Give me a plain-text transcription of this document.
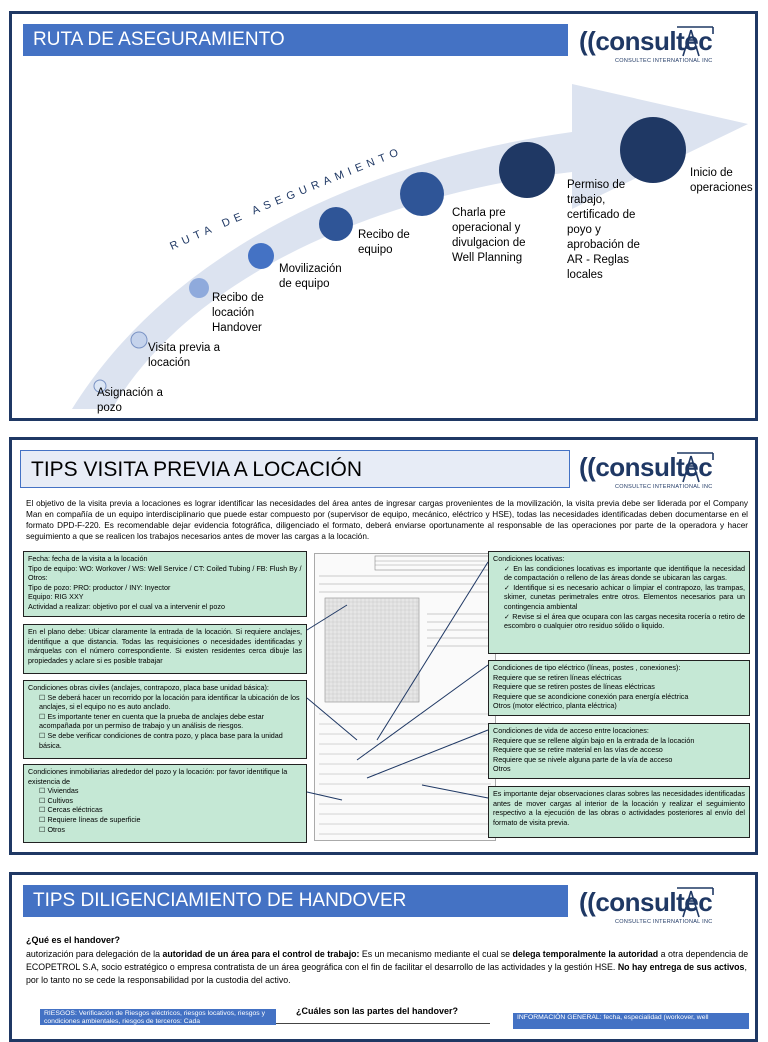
RUTA DE ASEGURAMIENTO	((consultec
CONSULTEC INTERNATIONAL INC
RUTA DE ASEGURAMIENTO
Asignación a
pozo
Visita previa a
locación
Recibo de
locación
Handover
Movilización
de equipo
Recibo de
equipo
Charla pre
operacional y
divulgacion de
Well Planning
Permiso de
trabajo,
certificado de
poyo y
aprobación de
AR - Reglas
locales
Inicio de
operaciones
TIPS VISITA PREVIA A LOCACIÓN	((consultec
CONSULTEC INTERNATIONAL INC
El objetivo de la visita previa a locaciones es lograr identificar las necesidades del área antes de ingresar cargas provenientes de la movilización, la visita previa debe ser liderada por el Company Man en compañía de un equipo interdisciplinario que puede estar compuesto por (supervisor de equipo, mecánico, eléctrico y HSE), todas las necesidades identificadas deben documentarse en el formato DPD-F-220. Es recomendable dejar evidencia fotográfica, diligenciado el formato, deberá enviarse oportunamente al responsable de las operaciones por parte de la operadora y hacer seguimiento a que se realicen los trabajos necesarios antes de mover las cargas a la locación.
Fecha: fecha de la visita a la locación
Tipo de equipo: WO: Workover / WS: Well Service / CT: Coiled Tubing / FB: Flush By / Otros:
Tipo de pozo: PRO: productor / INY: Inyector
Equipo: RIG XXY
Actividad a realizar: objetivo por el cual va a intervenir el pozo
En el plano debe: Ubicar claramente la entrada de la locación. Si requiere anclajes, identifique a que distancia. Todas las requisiciones o necesidades identificadas y márquelas con el número correspondiente. Si existen residentes cerca dibuje las propiedades y aclare si es posible trabajar
Condiciones obras civiles (anclajes, contrapozo, placa base unidad básica):
☐ Se deberá hacer un recorrido por la locación para identificar la ubicación de los anclajes, si el equipo no es auto anclado.
☐ Es importante tener en cuenta que la prueba de anclajes debe estar acompañada por un permiso de trabajo y un análisis de riesgos.
☐ Se debe verificar condiciones de contra pozo, y placa base para la unidad básica.
Condiciones inmobiliarias alrededor del pozo y la locación: por favor identifique la existencia de
☐ Viviendas
☐ Cultivos
☐ Cercas eléctricas
☐ Requiere líneas de superficie
☐ Otros
Condiciones locativas:
✓ En las condiciones locativas es importante que identifique la necesidad de compactación o relleno de las áreas donde se ubicaran las cargas.
✓ Identifique si es necesario achicar o limpiar el contrapozo, las trampas, skimer, cunetas perimetrales entre otros. Elementos necesarios para un contingencia ambiental
✓ Revise si el área que ocupara con las cargas necesita rocería o retiro de escombro o cualquier otro residuo sólido o liquido.
Condiciones de tipo eléctrico (líneas, postes , conexiones):
Requiere que se retiren líneas eléctricas
Requiere que se retiren postes de líneas eléctricas
Requiere que se acondicione conexión para energía eléctrica
Otros (motor eléctrico, planta eléctrica)
Condiciones de vida de acceso entre locaciones:
Requiere que se rellene algún bajo en la entrada de la locación
Requiere que se retire material en las vías de acceso
Requiere que se nivele alguna parte de la vía de acceso
Otros
Es importante dejar observaciones claras sobres las necesidades identificadas antes de mover cargas al interior de la locación y realizar el seguimiento respectivo a la ejecución de las obras o actividades posteriores al envío del formato de visita previa.
TIPS DILIGENCIAMIENTO DE HANDOVER	((consultec
CONSULTEC INTERNATIONAL INC
¿Qué es el handover?
autorización para delegación de la autoridad de un área para el control de trabajo: Es un mecanismo mediante el cual se delega temporalmente la autoridad a otra dependencia de ECOPETROL S.A, socio estratégico o empresa contratista de un área geográfica con el fin de facilitar el desarrollo de las actividades y la gestión HSE. No hay entrega de sus activos, por lo tanto no se cede la responsabilidad por la custodia del activo.
¿Cuáles son las partes del handover?
RIESGOS: Verificación de Riesgos eléctricos, riesgos locativos, riesgos y condiciones ambientales, riesgos de terceros: Cada
INFORMACIÓN GENERAL: fecha, especialidad (workover, well
